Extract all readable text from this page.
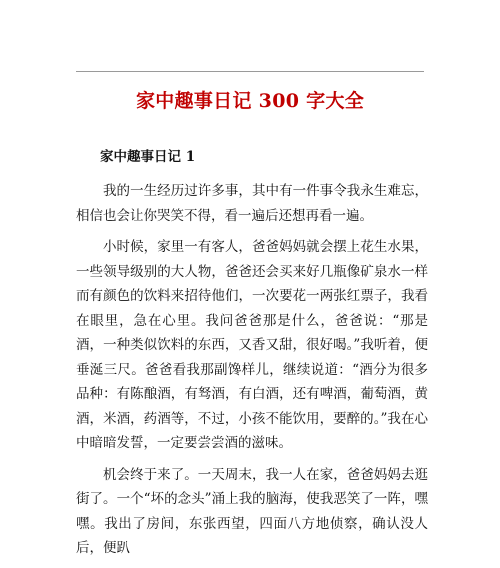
家中趣事日记 300 字大全
家中趣事日记 1

我的一生经历过许多事，其中有一件事令我永生难忘，相信也会让你哭笑不得，看一遍后还想再看一遍。

小时候，家里一有客人，爸爸妈妈就会摆上花生水果，一些领导级别的大人物，爸爸还会买来好几瓶像矿泉水一样而有颜色的饮料来招待他们，一次要花一两张红票子，我看在眼里，急在心里。我问爸爸那是什么，爸爸说：“那是酒，一种类似饮料的东西，又香又甜，很好喝。”我听着，便垂涎三尺。爸爸看我那副馋样儿，继续说道：“酒分为很多品种：有陈酿酒，有驽酒，有白酒，还有啤酒，葡萄酒，黄酒，米酒，药酒等，不过，小孩不能饮用，要醉的。”我在心中暗暗发誓，一定要尝尝酒的滋味。

机会终于来了。一天周末，我一人在家，爸爸妈妈去逛街了。一个“坏的念头”涌上我的脑海，使我恶笑了一阵，嘿嘿。我出了房间，东张西望，四面八方地侦察，确认没人后，便趴
